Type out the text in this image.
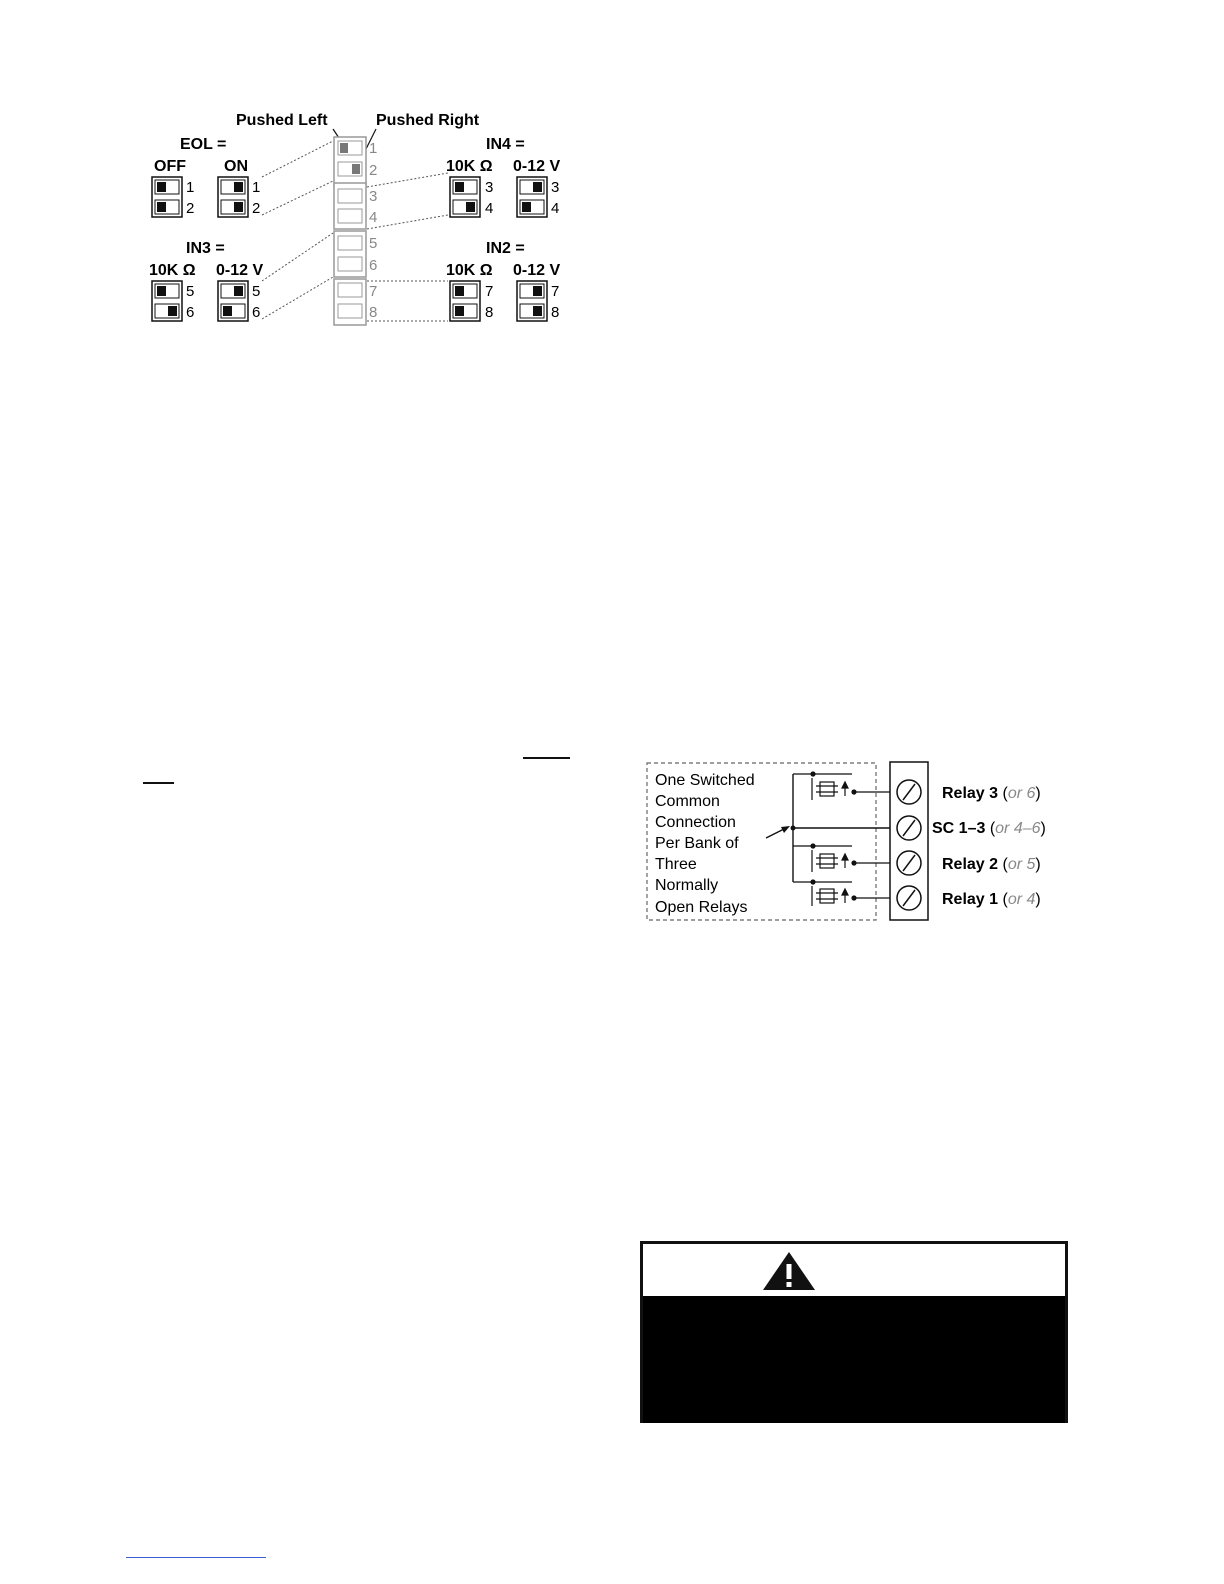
Pushed Left	Pushed Right
1
2
3
4
5
6
7
8
EOL =
OFF ON
1
2
1
2
IN4 =
10K Ω 0-12 V
3
4
3
4
IN3 =
10K Ω 0-12 V
5
6
5
6
IN2 =
10K Ω 0-12 V
7
8
7
8
One Switched
Common
Connection
Per Bank of
Three
Normally
Open Relays
Relay 3 (or 6)
SC 1–3 (or 4–6)
Relay 2 (or 5)
Relay 1 (or 4)
